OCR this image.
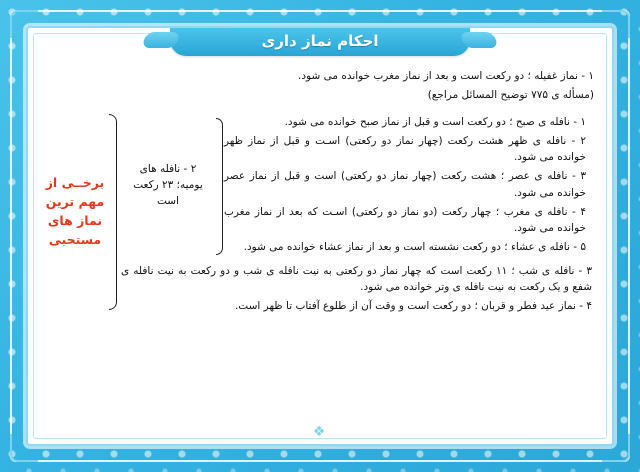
احکام نماز داری

۱ - نماز غفیله ؛ دو رکعت است و بعد از نماز مغرب خوانده می شود.

(مسأله ی ۷۷۵ توضیح المسائل مراجع)

۱ - نافله ی صبح ؛ دو رکعت است و قبل از نماز صبح خوانده می شود.

۲ - نافله ی ظهر هشت رکعت (چهار نماز دو رکعتی) اسـت و قبل از نماز ظهر خوانده می شود.

۳ - نافله ی عصر ؛ هشت رکعت (چهار نماز دو رکعتی) است و قبل از نماز عصر خوانده می شود.

۴ - نافله ی مغرب ؛ چهار رکعت (دو نماز دو رکعتی) اسـت که بعد از نماز مغرب خوانده می شود.

۵ - نافله ی عشاء ؛ دو رکعت نشسته است و بعد از نماز عشاء خوانده می شود.

۲ - نافله های یومیه؛ ۲۳ رکعت است

۳ - نافله ی شب ؛ ۱۱ رکعت است که چهار نماز دو رکعتی به نیت نافله ی شب و دو رکعت به نیت نافله ی شفع و یک رکعت به نیت نافله ی وتر خوانده می شود.

۴ - نماز عید فطر و قربان ؛ دو رکعت است و وقت آن از طلوع آفتاب تا ظهر است.

برخــی از مهم ترین نماز های مستحبی
❖
